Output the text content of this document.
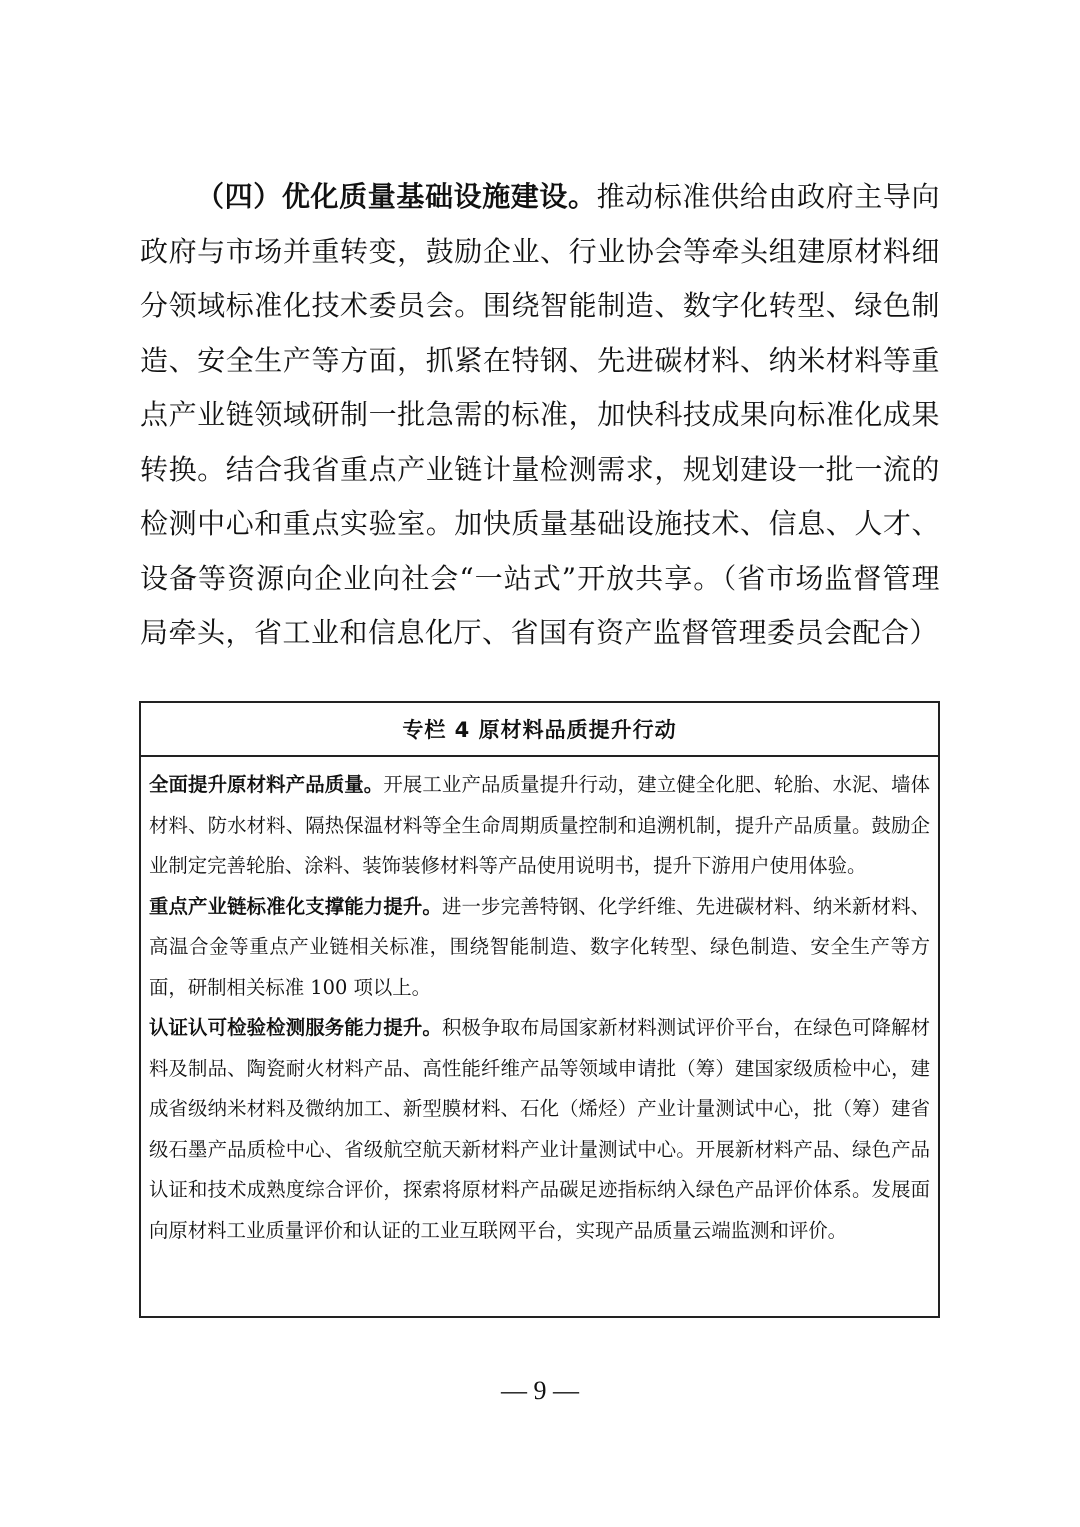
（四）优化质量基础设施建设。推动标准供给由政府主导向政府与市场并重转变，鼓励企业、行业协会等牵头组建原材料细分领域标准化技术委员会。围绕智能制造、数字化转型、绿色制造、安全生产等方面，抓紧在特钢、先进碳材料、纳米材料等重点产业链领域研制一批急需的标准，加快科技成果向标准化成果转换。结合我省重点产业链计量检测需求，规划建设一批一流的检测中心和重点实验室。加快质量基础设施技术、信息、人才、设备等资源向企业向社会“一站式”开放共享。（省市场监督管理局牵头，省工业和信息化厅、省国有资产监督管理委员会配合）

专栏 4 原材料品质提升行动

全面提升原材料产品质量。开展工业产品质量提升行动，建立健全化肥、轮胎、水泥、墙体材料、防水材料、隔热保温材料等全生命周期质量控制和追溯机制，提升产品质量。鼓励企业制定完善轮胎、涂料、装饰装修材料等产品使用说明书，提升下游用户使用体验。

重点产业链标准化支撑能力提升。进一步完善特钢、化学纤维、先进碳材料、纳米新材料、高温合金等重点产业链相关标准，围绕智能制造、数字化转型、绿色制造、安全生产等方面，研制相关标准 100 项以上。

认证认可检验检测服务能力提升。积极争取布局国家新材料测试评价平台，在绿色可降解材料及制品、陶瓷耐火材料产品、高性能纤维产品等领域申请批（筹）建国家级质检中心，建成省级纳米材料及微纳加工、新型膜材料、石化（烯烃）产业计量测试中心，批（筹）建省级石墨产品质检中心、省级航空航天新材料产业计量测试中心。开展新材料产品、绿色产品认证和技术成熟度综合评价，探索将原材料产品碳足迹指标纳入绿色产品评价体系。发展面向原材料工业质量评价和认证的工业互联网平台，实现产品质量云端监测和评价。

— 9 —
